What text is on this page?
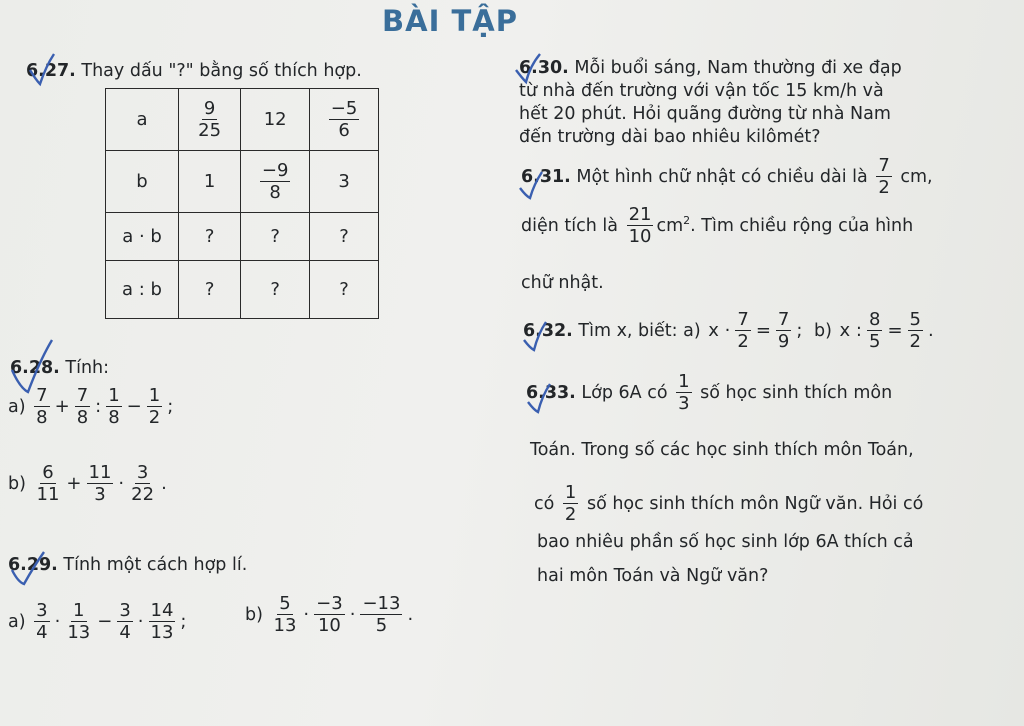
BÀI TẬP
6.27. Thay dấu "?" bằng số thích hợp.
a	$\frac{9}{25}$	12	$\frac{-5}{6}$

b	1	$\frac{-9}{8}$	3
a · b	?	?	?
a : b	?	?	?
6.28. Tính:
$a) \frac{7}{8} + \frac{7}{8}$ : $\frac{1}{8} - \frac{1}{2}$ ;
$b) \frac{6}{11} + \frac{11}{3} \cdot \frac{3}{22}$ .
6.29. Tính một cách hợp lí.
$a) \frac{3}{4} \cdot \frac{1}{13} - \frac{3}{4} \cdot \frac{14}{13}$ ;	$b) \frac{5}{13} \cdot \frac{-3}{10} \cdot \frac{-13}{5}$ .
6.30. Mỗi buổi sáng, Nam thường đi xe đạp
từ nhà đến trường với vận tốc 15 km/h và
hết 20 phút. Hỏi quãng đường từ nhà Nam
đến trường dài bao nhiêu kilômét?
6.31. Một hình chữ nhật có chiều dài là $\frac{7}{2}$ cm,
diện tích là $\frac{21}{10} cm^2$. Tìm chiều rộng của hình
chữ nhật.
6.32. Tìm x, biết: a) $x \cdot \frac{7}{2} = \frac{7}{9}$ ; b) x : $\frac{8}{5} = \frac{5}{2}$ .
6.33. Lớp 6A có $\frac{1}{3}$ số học sinh thích môn
Toán. Trong số các học sinh thích môn Toán,
có $\frac{1}{2}$ số học sinh thích môn Ngữ văn. Hỏi có
bao nhiêu phần số học sinh lớp 6A thích cả
hai môn Toán và Ngữ văn?
